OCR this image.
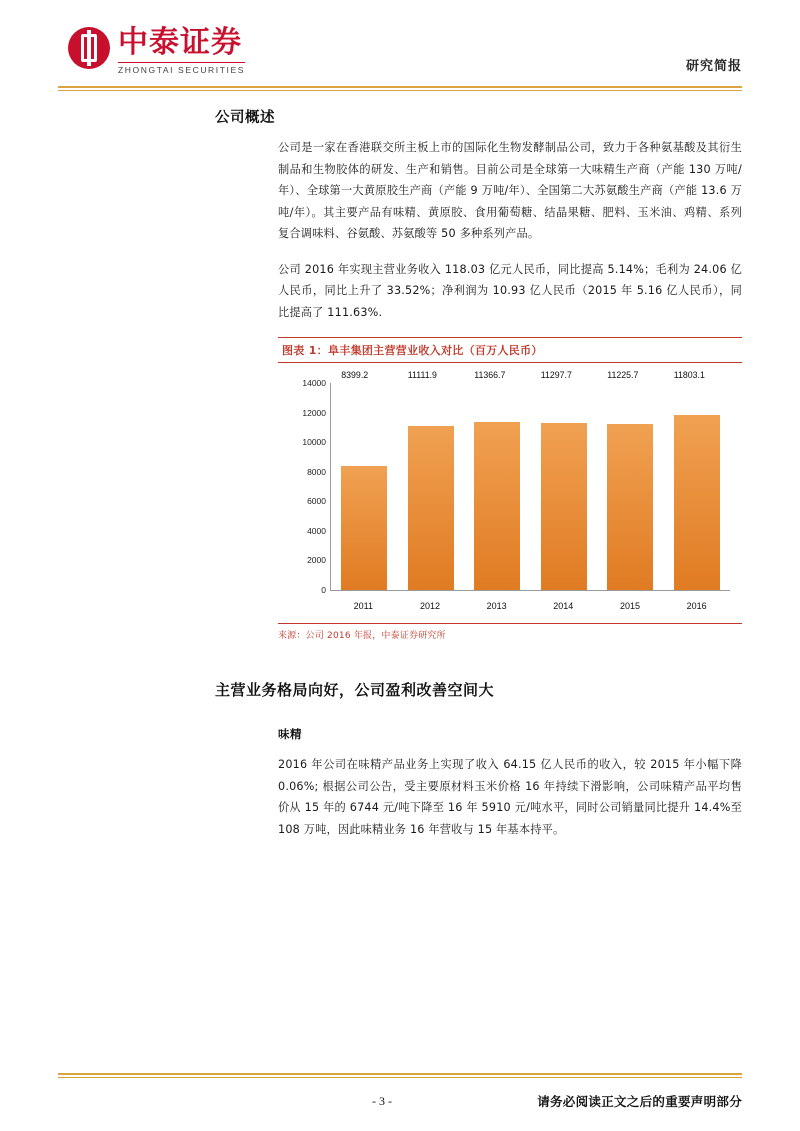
中泰证券
ZHONGTAI SECURITIES	研究简报
公司概述

公司是一家在香港联交所主板上市的国际化生物发酵制品公司，致力于各种氨基酸及其衍生制品和生物胶体的研发、生产和销售。目前公司是全球第一大味精生产商（产能 130 万吨/年）、全球第一大黄原胶生产商（产能 9 万吨/年）、全国第二大苏氨酸生产商（产能 13.6 万吨/年）。其主要产品有味精、黄原胶、食用葡萄糖、结晶果糖、肥料、玉米油、鸡精、系列复合调味料、谷氨酸、苏氨酸等 50 多种系列产品。

公司 2016 年实现主营业务收入 118.03 亿元人民币，同比提高 5.14%；毛利为 24.06 亿人民币，同比上升了 33.52%；净利润为 10.93 亿人民币（2015 年 5.16 亿人民币），同比提高了 111.63%.

图表 1：阜丰集团主营营业收入对比（百万人民币）
0
2000
4000
6000
8000
10000
12000
14000
8399.2	11111.9	11366.7	11297.7	11225.7	11803.1
2011	2012	2013	2014	2015	2016
来源：公司 2016 年报，中泰证券研究所
主营业务格局向好，公司盈利改善空间大
味精

2016 年公司在味精产品业务上实现了收入 64.15 亿人民币的收入，较 2015 年小幅下降 0.06%; 根据公司公告，受主要原材料玉米价格 16 年持续下滑影响，公司味精产品平均售价从 15 年的 6744 元/吨下降至 16 年 5910 元/吨水平，同时公司销量同比提升 14.4%至 108 万吨，因此味精业务 16 年营收与 15 年基本持平。

- 3 -	请务必阅读正文之后的重要声明部分
